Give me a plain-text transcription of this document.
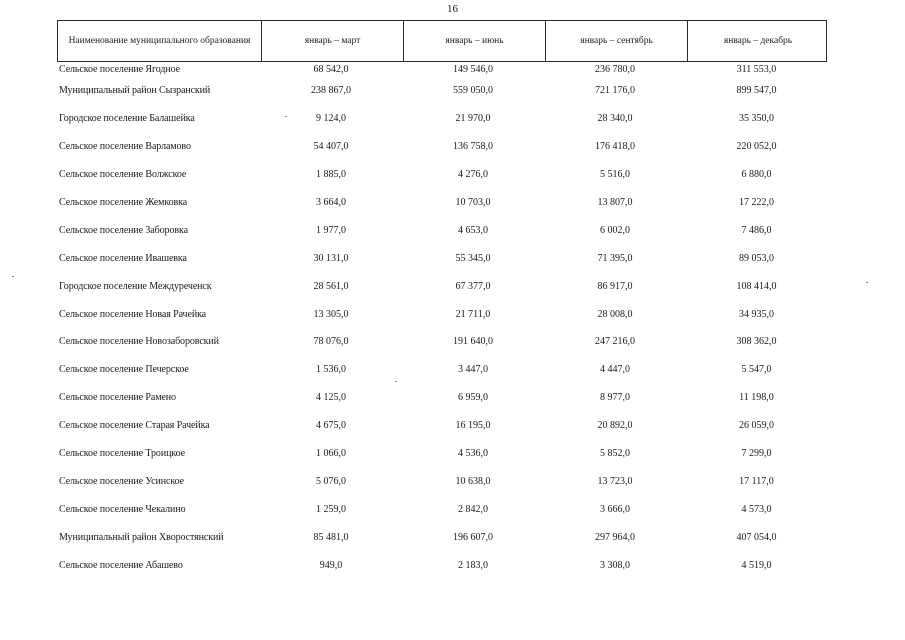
16
Наименование муниципального образования	январь – март	январь – июнь	январь – сентябрь	январь – декабрь
Сельское поселение Ягодное	68 542,0	149 546,0	236 780,0	311 553,0
Муниципальный район Сызранский	238 867,0	559 050,0	721 176,0	899 547,0
Городское поселение Балашейка	9 124,0	21 970,0	28 340,0	35 350,0
Сельское поселение Варламово	54 407,0	136 758,0	176 418,0	220 052,0
Сельское поселение Волжское	1 885,0	4 276,0	5 516,0	6 880,0
Сельское поселение Жемковка	3 664,0	10 703,0	13 807,0	17 222,0
Сельское поселение Заборовка	1 977,0	4 653,0	6 002,0	7 486,0
Сельское поселение Ивашевка	30 131,0	55 345,0	71 395,0	89 053,0
Городское поселение Междуреченск	28 561,0	67 377,0	86 917,0	108 414,0
Сельское поселение Новая Рачейка	13 305,0	21 711,0	28 008,0	34 935,0
Сельское поселение Новозаборовский	78 076,0	191 640,0	247 216,0	308 362,0
Сельское поселение Печерское	1 536,0	3 447,0	4 447,0	5 547,0
Сельское поселение Рамено	4 125,0	6 959,0	8 977,0	11 198,0
Сельское поселение Старая Рачейка	4 675,0	16 195,0	20 892,0	26 059,0
Сельское поселение Троицкое	1 066,0	4 536,0	5 852,0	7 299,0
Сельское поселение Усинское	5 076,0	10 638,0	13 723,0	17 117,0
Сельское поселение Чекалино	1 259,0	2 842,0	3 666,0	4 573,0
Муниципальный район Хворостянский	85 481,0	196 607,0	297 964,0	407 054,0
Сельское поселение Абашево	949,0	2 183,0	3 308,0	4 519,0
